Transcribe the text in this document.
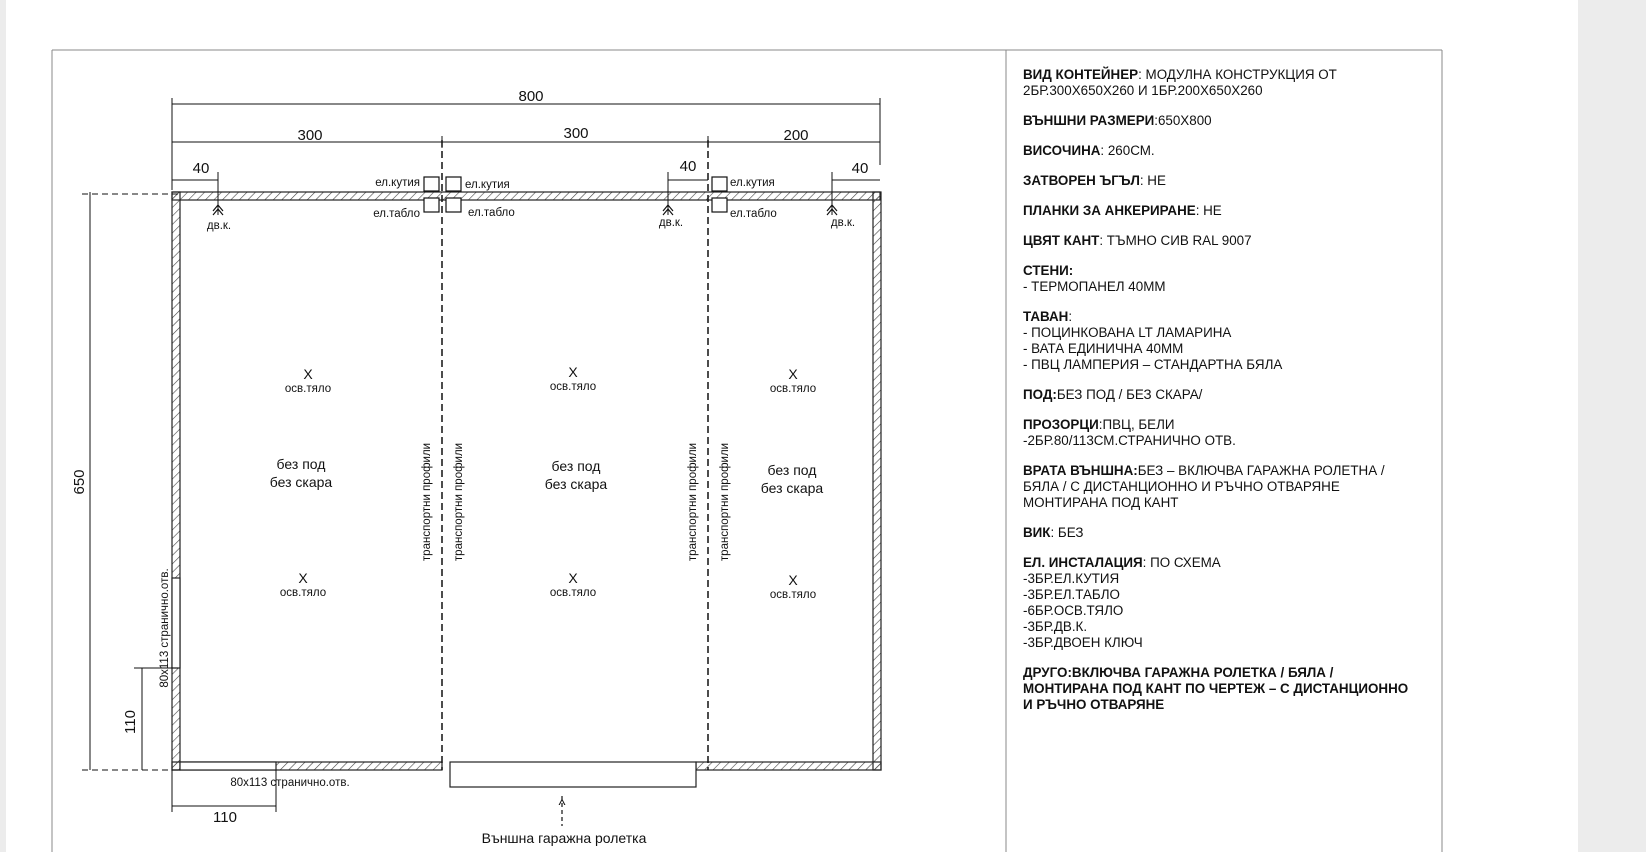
800
300	300	200
40	40	40
650
110
110
80x113 странично.отв.
80x113 странично.отв.
ел.кутия	ел.кутия	ел.кутия
ел.табло	ел.табло	ел.табло
дв.к.	дв.к.	дв.к.
X
осв.тяло
X
осв.тяло
X
осв.тяло
X
осв.тяло
X
осв.тяло
X
осв.тяло
без под
без скара
без под
без скара
без под
без скара
транспортни профили транспортни профили	транспортни профили транспортни профили
^
Външна гаражна ролетка
ВИД КОНТЕЙНЕР: МОДУЛНА КОНСТРУКЦИЯ ОТ
2БР.300X650X260 И 1БР.200X650X260
ВЪНШНИ РАЗМЕРИ:650X800
ВИСОЧИНА: 260СМ.
ЗАТВОРЕН ЪГЪЛ: НЕ
ПЛАНКИ ЗА АНКЕРИРАНЕ: НЕ
ЦВЯТ КАНТ: ТЪМНО СИВ RAL 9007
СТЕНИ:
- ТЕРМОПАНЕЛ 40ММ
ТАВАН:
- ПОЦИНКОВАНА LT ЛАМАРИНА
- ВАТА ЕДИНИЧНА 40ММ
- ПВЦ ЛАМПЕРИЯ – СТАНДАРТНА БЯЛА
ПОД:БЕЗ ПОД / БЕЗ СКАРА/
ПРОЗОРЦИ:ПВЦ, БЕЛИ
-2БР.80/113СМ.СТРАНИЧНО ОТВ.
ВРАТА ВЪНШНА:БЕЗ – ВКЛЮЧВА ГАРАЖНА РОЛЕТНА /
БЯЛА / С ДИСТАНЦИОННО И РЪЧНО ОТВАРЯНЕ
МОНТИРАНА ПОД КАНТ
ВИК: БЕЗ
ЕЛ. ИНСТАЛАЦИЯ: ПО СХЕМА
-3БР.ЕЛ.КУТИЯ
-3БР.ЕЛ.ТАБЛО
-6БР.ОСВ.ТЯЛО
-3БР.ДВ.К.
-3БР.ДВОЕН КЛЮЧ
ДРУГО:ВКЛЮЧВА ГАРАЖНА РОЛЕТКА / БЯЛА /
МОНТИРАНА ПОД КАНТ ПО ЧЕРТЕЖ – С ДИСТАНЦИОННО
И РЪЧНО ОТВАРЯНЕ
